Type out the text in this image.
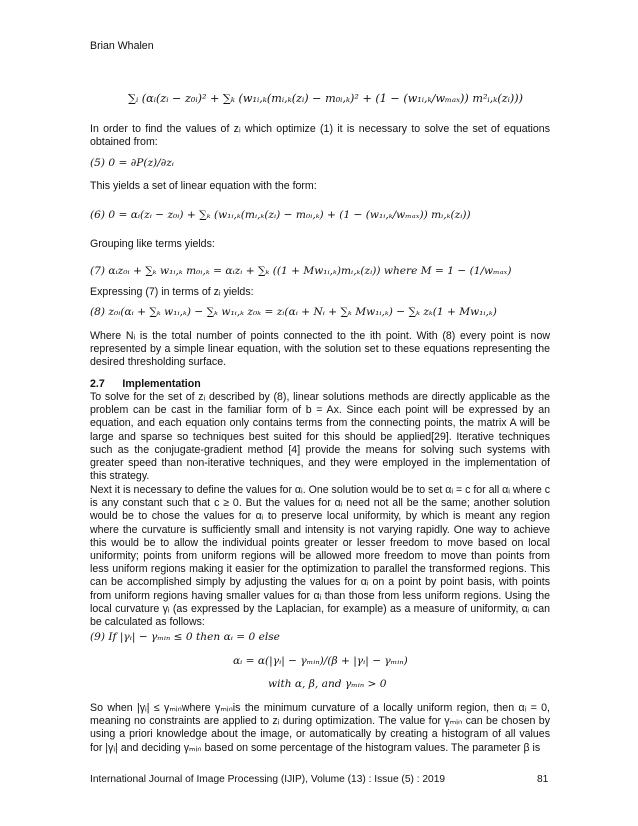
Brian Whalen
∑ᵢ (αᵢ(zᵢ − z₀ᵢ)² + ∑ₖ (w₁ᵢ,ₖ(mᵢ,ₖ(zᵢ) − m₀ᵢ,ₖ)² + (1 − (w₁ᵢ,ₖ/wₘₐₓ)) m²ᵢ,ₖ(zᵢ)))
In order to find the values of zᵢ which optimize (1) it is necessary to solve the set of equations obtained from:
(5) 0 = ∂P(z)/∂zᵢ
This yields a set of linear equation with the form:
(6) 0 = αᵢ(zᵢ − z₀ᵢ) + ∑ₖ (w₁ᵢ,ₖ(mᵢ,ₖ(zᵢ) − m₀ᵢ,ₖ) + (1 − (w₁ᵢ,ₖ/wₘₐₓ)) mᵢ,ₖ(zᵢ))
Grouping like terms yields:
(7) αᵢz₀ᵢ + ∑ₖ w₁ᵢ,ₖ m₀ᵢ,ₖ = αᵢzᵢ + ∑ₖ ((1 + Mw₁ᵢ,ₖ)mᵢ,ₖ(zᵢ)) where M = 1 − (1/wₘₐₓ)
Expressing (7) in terms of zᵢ yields:
(8) z₀ᵢ(αᵢ + ∑ₖ w₁ᵢ,ₖ) − ∑ₖ w₁ᵢ,ₖ z₀ₖ = zᵢ(αᵢ + Nᵢ + ∑ₖ Mw₁ᵢ,ₖ) − ∑ₖ zₖ(1 + Mw₁ᵢ,ₖ)
Where Nᵢ is the total number of points connected to the ith point. With (8) every point is now represented by a simple linear equation, with the solution set to these equations representing the desired thresholding surface.
2.7      Implementation
To solve for the set of zᵢ described by (8), linear solutions methods are directly applicable as the problem can be cast in the familiar form of b = Ax. Since each point will be expressed by an equation, and each equation only contains terms from the connecting points, the matrix A will be large and sparse so techniques best suited for this should be applied[29]. Iterative techniques such as the conjugate-gradient method [4] provide the means for solving such systems with greater speed than non-iterative techniques, and they were employed in the implementation of this strategy.
Next it is necessary to define the values for αᵢ. One solution would be to set αᵢ = c for all αᵢ where c is any constant such that c ≥ 0. But the values for αᵢ need not all be the same; another solution would be to chose the values for αᵢ to preserve local uniformity, by which is meant any region where the curvature is sufficiently small and intensity is not varying rapidly. One way to achieve this would be to allow the individual points greater or lesser freedom to move based on local uniformity; points from uniform regions will be allowed more freedom to move than points from less uniform regions making it easier for the optimization to parallel the transformed regions. This can be accomplished simply by adjusting the values for αᵢ on a point by point basis, with points from uniform regions having smaller values for αᵢ than those from less uniform regions. Using the local curvature γᵢ (as expressed by the Laplacian, for example) as a measure of uniformity, αᵢ can be calculated as follows:
(9) If |γᵢ| − γₘᵢₙ ≤ 0 then αᵢ = 0 else
αᵢ = α(|γᵢ| − γₘᵢₙ)/(β + |γᵢ| − γₘᵢₙ)
with α, β, and γₘᵢₙ > 0
So when |γᵢ| ≤ γₘᵢₙwhere γₘᵢₙis the minimum curvature of a locally uniform region, then αᵢ = 0, meaning no constraints are applied to zᵢ during optimization. The value for γₘᵢₙ can be chosen by using a priori knowledge about the image, or automatically by creating a histogram of all values for |γᵢ| and deciding γₘᵢₙ based on some percentage of the histogram values. The parameter β is
International Journal of Image Processing (IJIP), Volume (13) : Issue (5) : 2019	81
